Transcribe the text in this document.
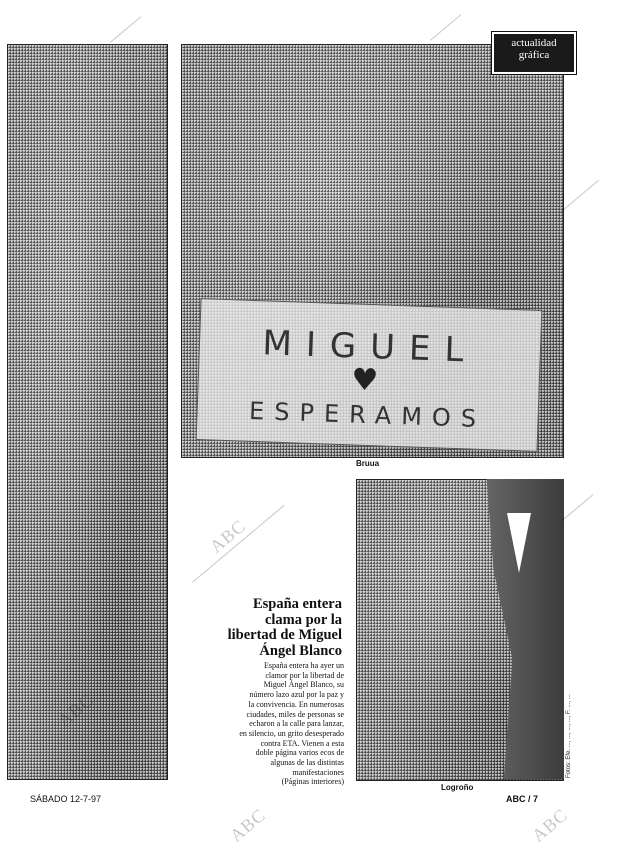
MIGUEL
♥
ESPERAMOS
actualidad
gráfica
Bruua
Fotos: Efe. ..., ..., ..., ..., F. ..., ...
Logroño
España entera
clama por la
libertad de Miguel
Ángel Blanco
España entera ha ayer un
clamor por la libertad de
Miguel Ángel Blanco, su
número lazo azul por la paz y
la convivencia. En numerosas
ciudades, miles de personas se
echaron a la calle para lanzar,
en silencio, un grito desesperado
contra ETA. Vienen a esta
doble página varios ecos de
algunas de las distintas
manifestaciones
(Páginas interiores)
SÁBADO 12-7-97	ABC / 7
ABC
ABC
ABC	ABC
